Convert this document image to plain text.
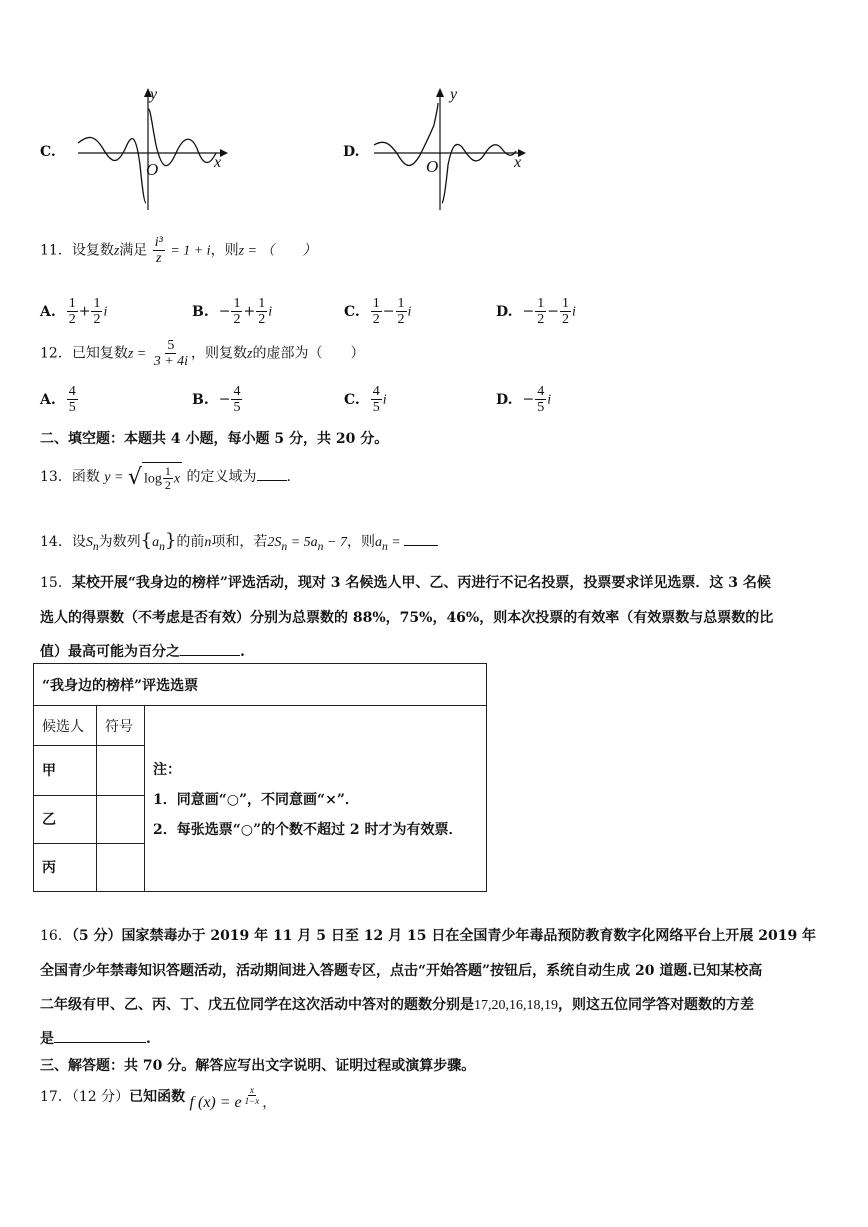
C.
y
x
O
D.
y
x
O
11．设复数z满足 $\frac{\text{i³}}{z} = 1 + i$，则z = （　　）
A. $\frac{1}{2} + \frac{1}{2}$ i	B. − $\frac{1}{2} + \frac{1}{2}$ i	C. $\frac{1}{2} - \frac{1}{2}$ i	D. − $\frac{1}{2} - \frac{1}{2}$ i
12．已知复数$z = \frac{5}{3 + 4i}$ ，则复数z的虚部为（　　）
A. $\frac{4}{5}$	B. − $\frac{4}{5}$	C. $\frac{4}{5}$ i	D. − $\frac{4}{5}$ i
二、填空题：本题共 4 小题，每小题 5 分，共 20 分。
13．函数 y = √ $\log \frac{1}{2}$ x 的定义域为 .
14．设$S_n$为数列$\{a_n\}$的前n项和，若$2S_n = 5a_n - 7$，则$a_n$ =
15．某校开展“我身边的榜样”评选活动，现对 3 名候选人甲、乙、丙进行不记名投票，投票要求详见选票．这 3 名候
选人的得票数（不考虑是否有效）分别为总票数的 88%，75%，46%，则本次投票的有效率（有效票数与总票数的比
值）最高可能为百分之	.
“我身边的榜样”评选选票		
候选人	符号	注：
1．同意画“○”，不同意画“×”．
2．每张选票“○”的个数不超过 2 时才为有效票．

甲		
乙		
丙		
16．（5 分）国家禁毒办于 2019 年 11 月 5 日至 12 月 15 日在全国青少年毒品预防教育数字化网络平台上开展 2019 年
全国青少年禁毒知识答题活动，活动期间进入答题专区，点击“开始答题”按钮后，系统自动生成 20 道题.已知某校高
二年级有甲、乙、丙、丁、戊五位同学在这次活动中答对的题数分别是17,20,16,18,19，则这五位同学答对题数的方差
是	.
三、解答题：共 70 分。解答应写出文字说明、证明过程或演算步骤。
17．（12 分）已知函数 f (x) = e $\frac{x}{1-x}$ ，
